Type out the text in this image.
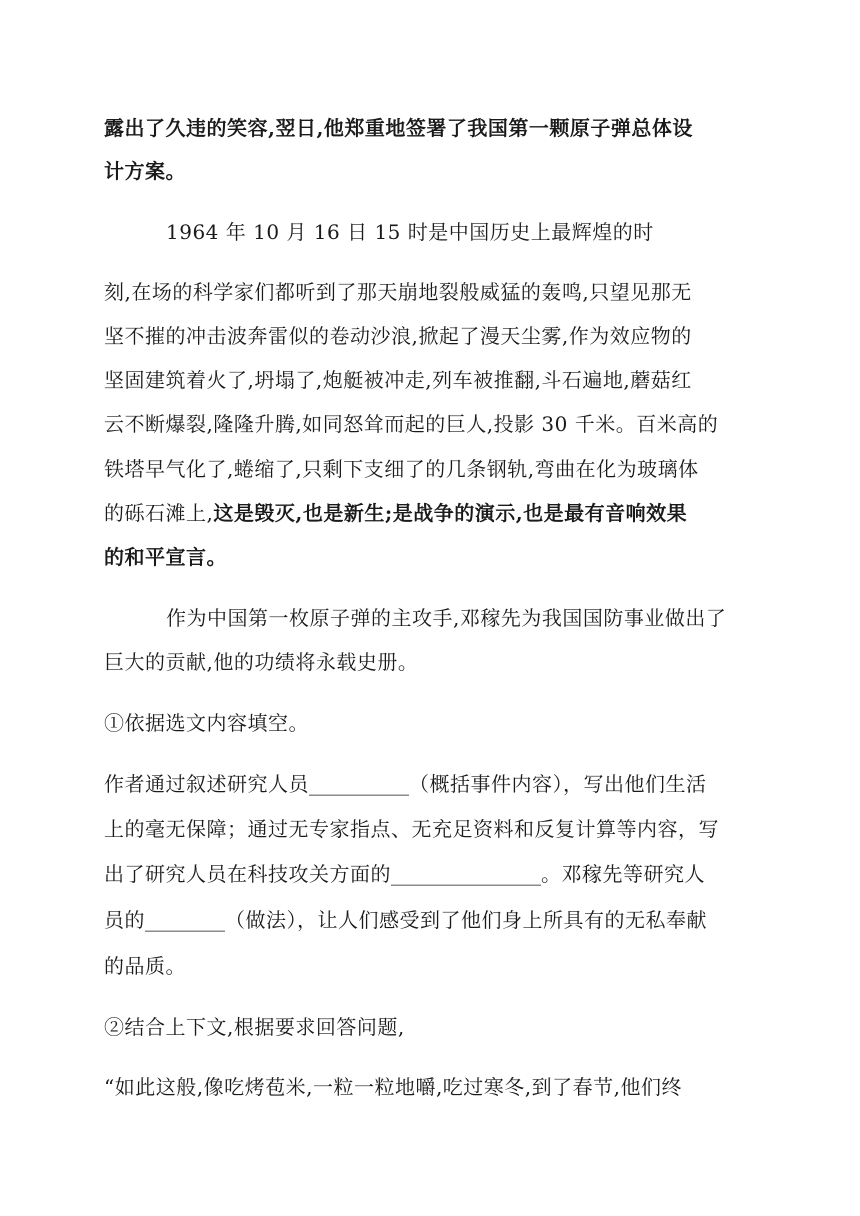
露出了久违的笑容,翌日,他郑重地签署了我国第一颗原子弹总体设
计方案。
1964 年 10 月 16 日 15 时是中国历史上最辉煌的时
刻,在场的科学家们都听到了那天崩地裂般威猛的轰鸣,只望见那无
坚不摧的冲击波奔雷似的卷动沙浪,掀起了漫天尘雾,作为效应物的
坚固建筑着火了,坍塌了,炮艇被冲走,列车被推翻,斗石遍地,蘑菇红
云不断爆裂,隆隆升腾,如同怒耸而起的巨人,投影 30 千米。百米高的
铁塔早气化了,蜷缩了,只剩下支细了的几条钢轨,弯曲在化为玻璃体
的砾石滩上,这是毁灭,也是新生;是战争的演示,也是最有音响效果
的和平宣言。
作为中国第一枚原子弹的主攻手,邓稼先为我国国防事业做出了
巨大的贡献,他的功绩将永载史册。
①依据选文内容填空。
作者通过叙述研究人员__________（概括事件内容），写出他们生活
上的毫无保障；通过无专家指点、无充足资料和反复计算等内容，写
出了研究人员在科技攻关方面的_______________。邓稼先等研究人
员的________（做法），让人们感受到了他们身上所具有的无私奉献
的品质。
②结合上下文,根据要求回答问题,
“如此这般,像吃烤苞米,一粒一粒地嚼,吃过寒冬,到了春节,他们终
